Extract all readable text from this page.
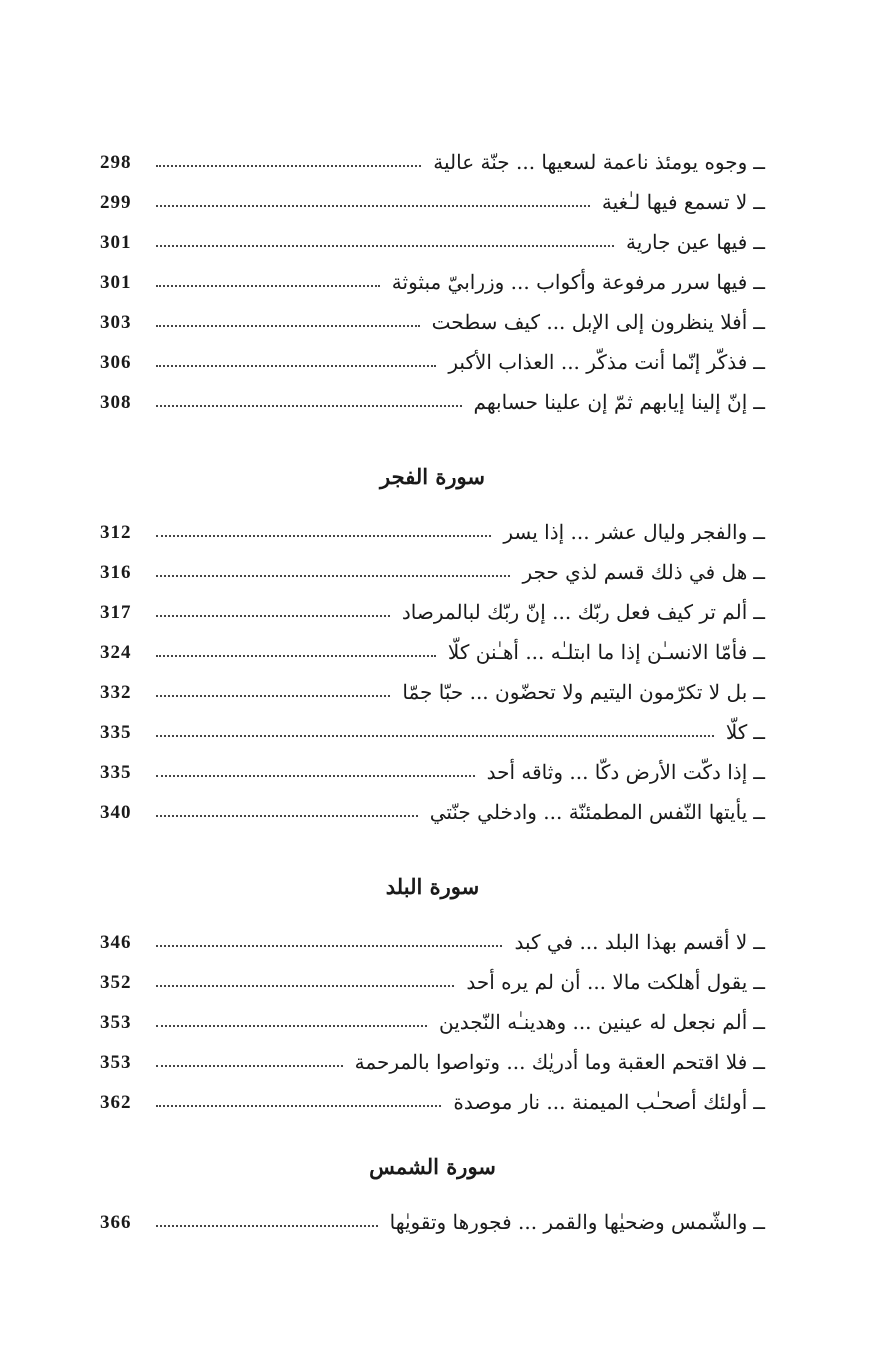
ــ
وجوه يومئذ ناعمة لسعيها ... جنّة عالية
298
ــ
لا تسمع فيها لـٰغية
299
ــ
فيها عين جارية
301
ــ
فيها سرر مرفوعة وأكواب ... وزرابيّ مبثوثة
301
ــ
أفلا ينظرون إلى الإبل ... كيف سطحت
303
ــ
فذكّر إنّما أنت مذكّر ... العذاب الأكبر
306
ــ
إنّ إلينا إيابهم ثمّ إن علينا حسابهم
308
سورة الفجر
ــ
والفجر وليال عشر ... إذا يسر
312
ــ
هل في ذلك قسم لذي حجر
316
ــ
ألم تر كيف فعل ربّك ... إنّ ربّك لبالمرصاد
317
ــ
فأمّا الانسـٰن إذا ما ابتلـٰه ... أهـٰنن كلّا
324
ــ
بل لا تكرّمون اليتيم ولا تحضّون ... حبّا جمّا
332
ــ
كلّا
335
ــ
إذا دكّت الأرض دكّا ... وثاقه أحد
335
ــ
يأيتها النّفس المطمئنّة ... وادخلي جنّتي
340
سورة البلد
ــ
لا أقسم بهذا البلد ... في كبد
346
ــ
يقول أهلكت مالا ... أن لم يره أحد
352
ــ
ألم نجعل له عينين ... وهدينـٰه النّجدين
353
ــ
فلا اقتحم العقبة وما أدريٰك ... وتواصوا بالمرحمة
353
ــ
أولئك أصحـٰب الميمنة ... نار موصدة
362
سورة الشمس
ــ
والشّمس وضحيٰها والقمر ... فجورها وتقويٰها
366
